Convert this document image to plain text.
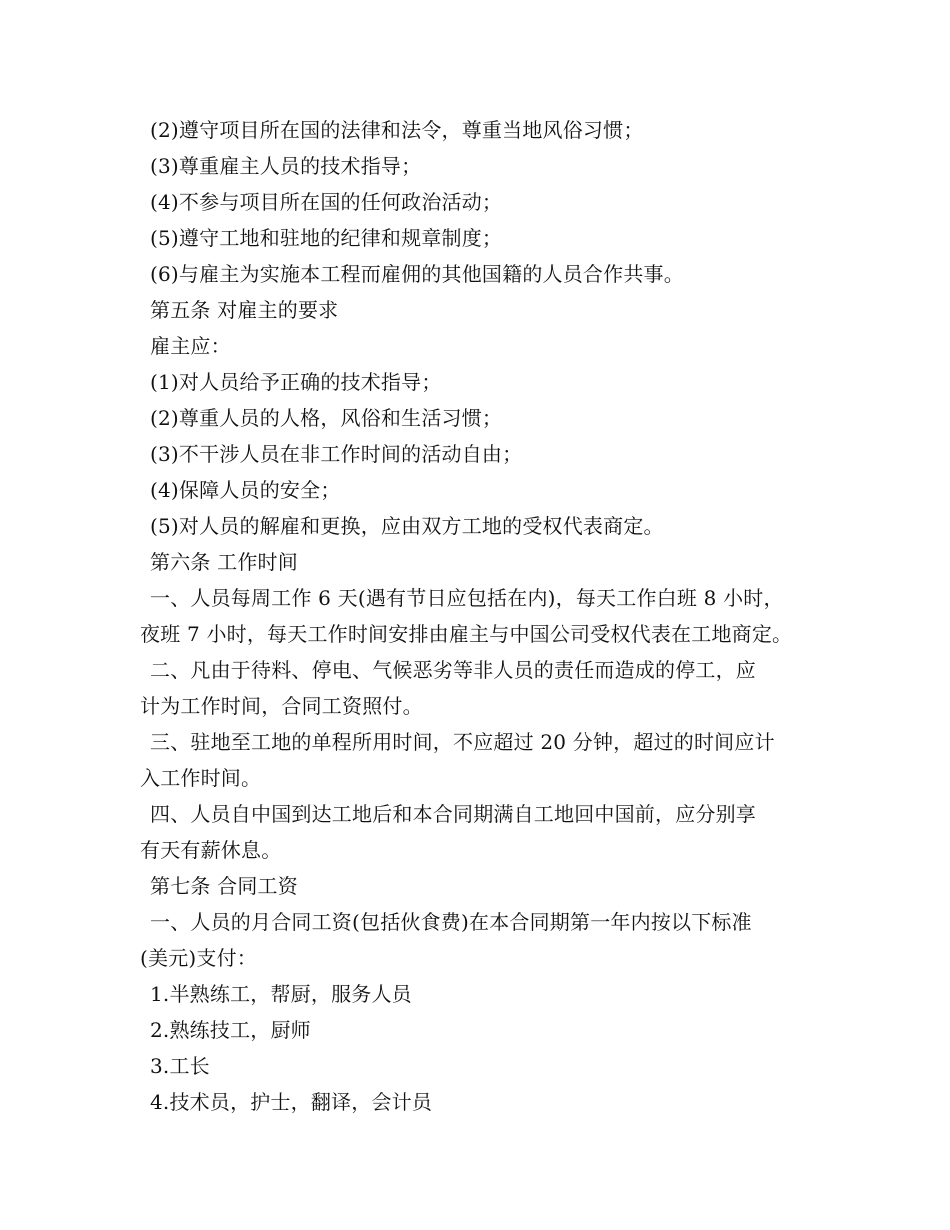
(2)遵守项目所在国的法律和法令，尊重当地风俗习惯；

(3)尊重雇主人员的技术指导；

(4)不参与项目所在国的任何政治活动；

(5)遵守工地和驻地的纪律和规章制度；

(6)与雇主为实施本工程而雇佣的其他国籍的人员合作共事。

第五条 对雇主的要求

雇主应：

(1)对人员给予正确的技术指导；

(2)尊重人员的人格，风俗和生活习惯；

(3)不干涉人员在非工作时间的活动自由；

(4)保障人员的安全；

(5)对人员的解雇和更换，应由双方工地的受权代表商定。

第六条 工作时间

一、人员每周工作 6 天(遇有节日应包括在内)，每天工作白班 8 小时，

夜班 7 小时，每天工作时间安排由雇主与中国公司受权代表在工地商定。

二、凡由于待料、停电、气候恶劣等非人员的责任而造成的停工，应

计为工作时间，合同工资照付。

三、驻地至工地的单程所用时间，不应超过 20 分钟，超过的时间应计

入工作时间。

四、人员自中国到达工地后和本合同期满自工地回中国前，应分别享

有天有薪休息。

第七条 合同工资

一、人员的月合同工资(包括伙食费)在本合同期第一年内按以下标准

(美元)支付：

1.半熟练工，帮厨，服务人员

2.熟练技工，厨师

3.工长

4.技术员，护士，翻译，会计员
